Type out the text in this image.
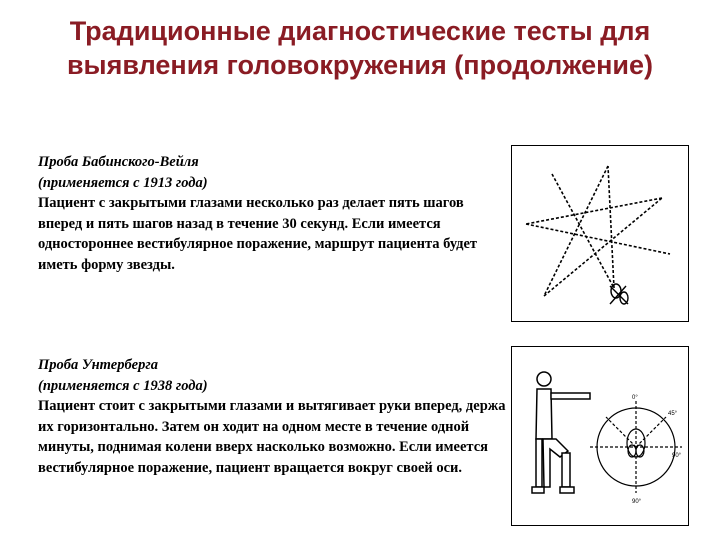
Традиционные диагностические тесты для
выявления головокружения (продолжение)
Проба Бабинского-Вейля
(применяется с 1913 года)
Пациент с закрытыми глазами несколько раз делает пять шагов вперед и пять шагов назад в течение 30 секунд. Если имеется одностороннее вестибулярное поражение, маршрут пациента будет иметь форму звезды.
Проба Унтерберга
(применяется с 1938 года)
Пациент стоит с закрытыми глазами и вытягивает руки вперед, держа их горизонтально. Затем он ходит на одном месте в течение одной минуты, поднимая колени вверх насколько возможно. Если имеется вестибулярное поражение, пациент вращается вокруг своей оси.
0°
45°
90°
90°
